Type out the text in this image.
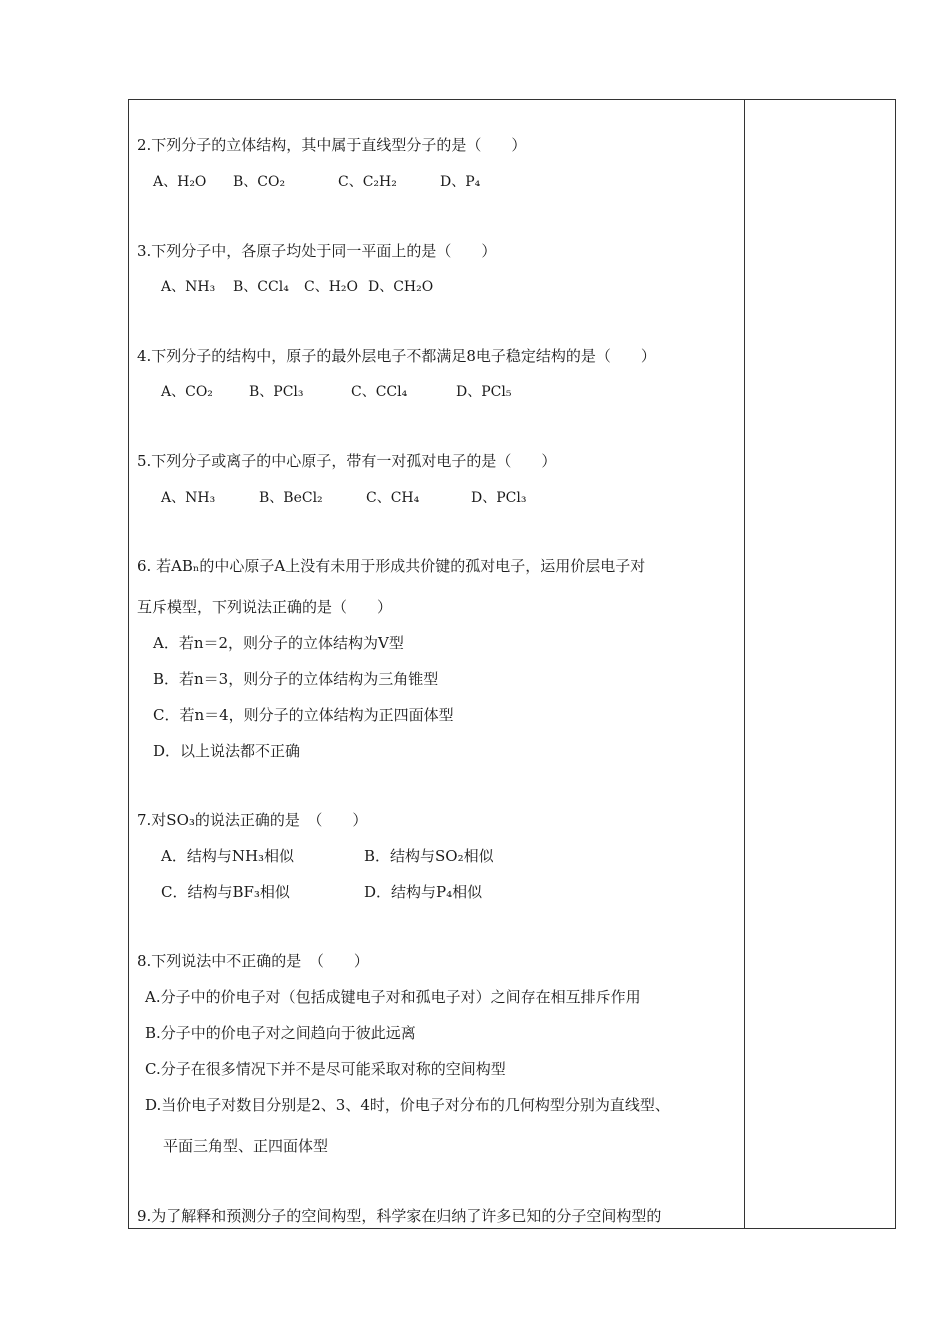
2.下列分子的立体结构，其中属于直线型分子的是（　　）
A、H₂O B、CO₂	C、C₂H₂	D、P₄
3.下列分子中，各原子均处于同一平面上的是（　　）
A、NH₃ B、CCl₄ C、H₂O D、CH₂O
4.下列分子的结构中，原子的最外层电子不都满足8电子稳定结构的是（　　）
A、CO₂	B、PCl₃	C、CCl₄	D、PCl₅
5.下列分子或离子的中心原子，带有一对孤对电子的是（　　）
A、NH₃	B、BeCl₂	C、CH₄	D、PCl₃
6. 若ABₙ的中心原子A上没有未用于形成共价键的孤对电子，运用价层电子对
互斥模型，下列说法正确的是（　　）
A．若n＝2，则分子的立体结构为V型
B．若n＝3，则分子的立体结构为三角锥型
C．若n＝4，则分子的立体结构为正四面体型
D．以上说法都不正确
7.对SO₃的说法正确的是　（　　）
A．结构与NH₃相似	B．结构与SO₂相似
C．结构与BF₃相似	D．结构与P₄相似
8.下列说法中不正确的是　（　　）
A.分子中的价电子对（包括成键电子对和孤电子对）之间存在相互排斥作用
B.分子中的价电子对之间趋向于彼此远离
C.分子在很多情况下并不是尽可能采取对称的空间构型
D.当价电子对数目分别是2、3、4时，价电子对分布的几何构型分别为直线型、
平面三角型、正四面体型
9.为了解释和预测分子的空间构型，科学家在归纳了许多已知的分子空间构型的
